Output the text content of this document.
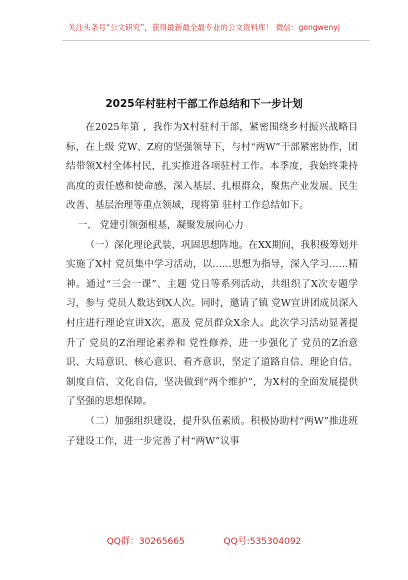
关注头条号“公文研究”，获得最新最全最专业的公文资料库！ 微信：gongwenyj
2025年村驻村干部工作总结和下一步计划

在2025年第 ，我作为X村驻村干部，紧密围绕乡村振兴战略目标，在上级 党W、Z府的坚强领导下，与村“两W”干部紧密协作，团结带领X村全体村民，扎实推进各项驻村工作。本季度，我始终秉持高度的责任感和使命感，深入基层、扎根群众，聚焦产业发展、民生改善、基层治理等重点领域，现将第 驻村工作总结如下。

一、 党建引领强根基，凝聚发展向心力

（一）深化理论武装，巩固思想阵地。在XX期间，我积极筹划并实施了X村 党员集中学习活动，以……思想为指导，深入学习……精神。通过“三会一课”、主题 党日等系列活动，共组织了X次专题学习，参与 党员人数达到X人次。同时，邀请了镇 党W宣讲团成员深入村庄进行理论宣讲X次，惠及 党员群众X余人。此次学习活动显著提升了 党员的Z治理论素养和 党性修养，进一步强化了 党员的Z治意识、大局意识、核心意识、看齐意识，坚定了道路自信、理论自信、制度自信、文化自信，坚决做到“两个维护”，为X村的全面发展提供了坚强的思想保障。

（二）加强组织建设，提升队伍素质。积极协助村“两W”推进班子建设工作，进一步完善了村“两W”议事

QQ群：30265665	QQ号:535304092
